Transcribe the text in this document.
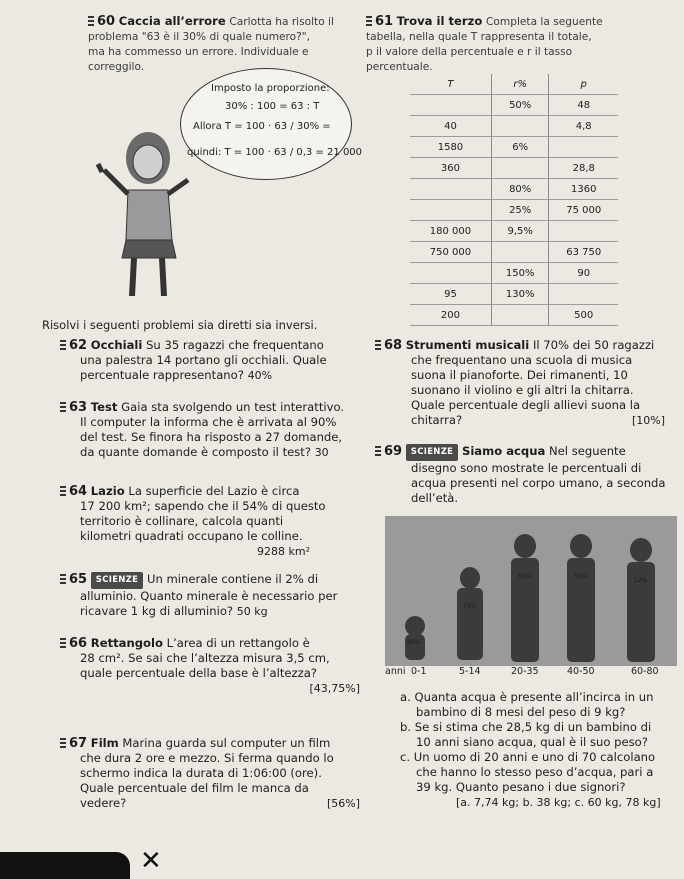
60 Caccia all’errore Carlotta ha risolto il
problema "63 è il 30% di quale numero?",
ma ha commesso un errore. Individuale e
correggilo.
Imposto la proporzione:
30% : 100 = 63 : T
Allora T = 100 · 63 / 30% =
quindi: T = 100 · 63 / 0,3 = 21 000
61 Trova il terzo Completa la seguente
tabella, nella quale T rappresenta il totale,
p il valore della percentuale e r il tasso
percentuale.
T	r%	p
	50%	48
40		4,8
1580	6%	
360		28,8
	80%	1360
	25%	75 000
180 000	9,5%	
750 000		63 750
	150%	90
95	130%	
200		500
Risolvi i seguenti problemi sia diretti sia inversi.
62 Occhiali Su 35 ragazzi che frequentano
una palestra 14 portano gli occhiali. Quale
percentuale rappresentano? 40%
63 Test Gaia sta svolgendo un test interattivo.
Il computer la informa che è arrivata al 90%
del test. Se finora ha risposto a 27 domande,
da quante domande è composto il test? 30
64 Lazio La superficie del Lazio è circa
17 200 km²; sapendo che il 54% di questo
territorio è collinare, calcola quanti
kilometri quadrati occupano le colline.
9288 km²
65 SCIENZE Un minerale contiene il 2% di
alluminio. Quanto minerale è necessario per
ricavare 1 kg di alluminio? 50 kg
66 Rettangolo L’area di un rettangolo è
28 cm². Se sai che l’altezza misura 3,5 cm,
quale percentuale della base è l’altezza?
[43,75%]
67 Film Marina guarda sul computer un film
che dura 2 ore e mezzo. Si ferma quando lo
schermo indica la durata di 1:06:00 (ore).
Quale percentuale del film le manca da
vedere?	[56%]
68 Strumenti musicali Il 70% dei 50 ragazzi
che frequentano una scuola di musica
suona il pianoforte. Dei rimanenti, 10
suonano il violino e gli altri la chitarra.
Quale percentuale degli allievi suona la
chitarra?	[10%]
69 SCIENZE Siamo acqua Nel seguente
disegno sono mostrate le percentuali di
acqua presenti nel corpo umano, a seconda
dell’età.
80%
75%
65%	55%
52%
anni 0-1	5-14	20-35	40-50	60-80
a. Quanta acqua è presente all’incirca in un
bambino di 8 mesi del peso di 9 kg?
b. Se si stima che 28,5 kg di un bambino di
10 anni siano acqua, qual è il suo peso?
c. Un uomo di 20 anni e uno di 70 calcolano
che hanno lo stesso peso d’acqua, pari a
39 kg. Quanto pesano i due signori?
[a. 7,74 kg; b. 38 kg; c. 60 kg, 78 kg]
✕
